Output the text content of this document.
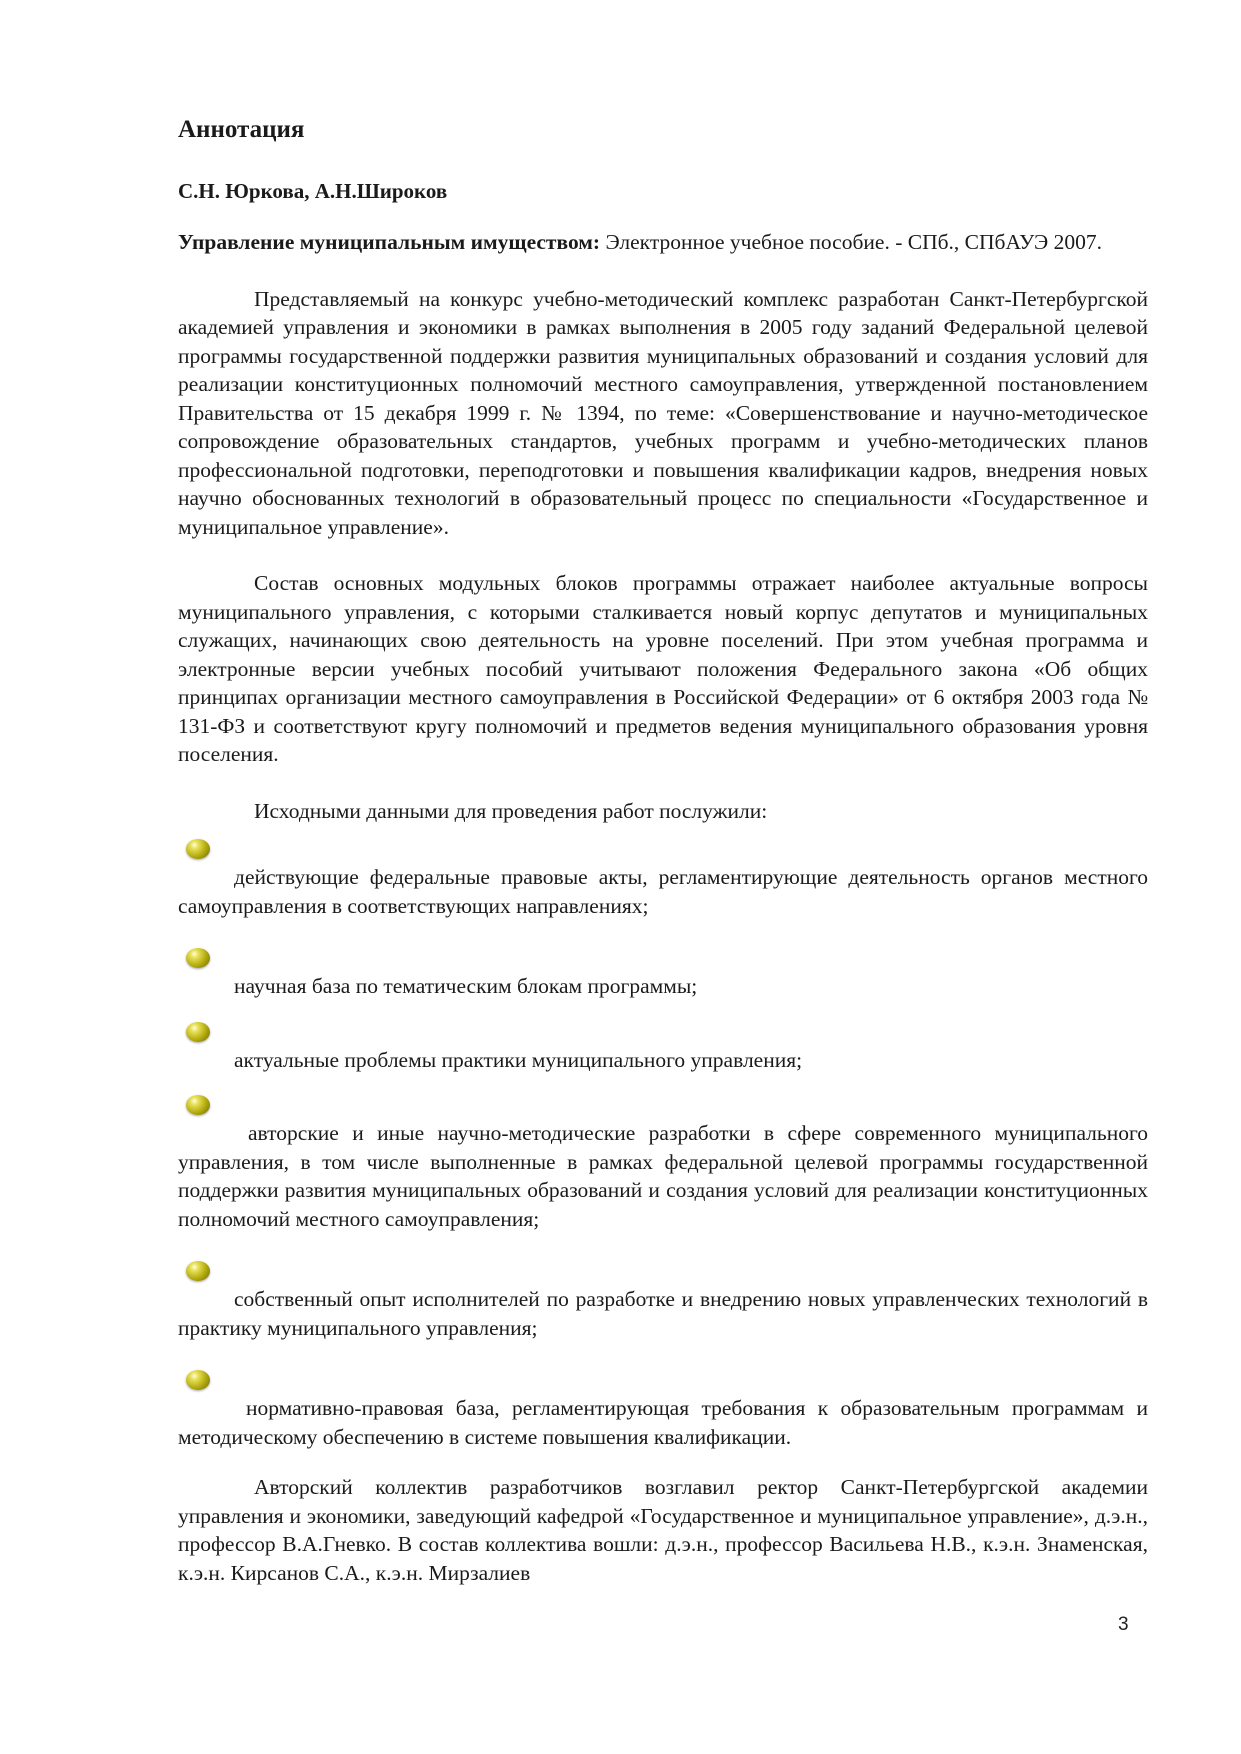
Аннотация
С.Н. Юркова, А.Н.Широков

Управление муниципальным имуществом: Электронное учебное пособие. - СПб., СПбАУЭ 2007.

Представляемый на конкурс учебно-методический комплекс разработан Санкт-Петербургской академией управления и экономики в рамках выполнения в 2005 году заданий Федеральной целевой программы государственной поддержки развития муниципальных образований и создания условий для реализации конституционных полномочий местного самоуправления, утвержденной постановлением Правительства от 15 декабря 1999 г. № 1394, по теме: «Совершенствование и научно-методическое сопровождение образовательных стандартов, учебных программ и учебно-методических планов профессиональной подготовки, переподготовки и повышения квалификации кадров, внедрения новых научно обоснованных технологий в образовательный процесс по специальности «Государственное и муниципальное управление».

Состав основных модульных блоков программы отражает наиболее актуальные вопросы муниципального управления, с которыми сталкивается новый корпус депутатов и муниципальных служащих, начинающих свою деятельность на уровне поселений. При этом учебная программа и электронные версии учебных пособий учитывают положения Федерального закона «Об общих принципах организации местного самоуправления в Российской Федерации» от 6 октября 2003 года № 131-ФЗ и соответствуют кругу полномочий и предметов ведения муниципального образования уровня поселения.

Исходными данными для проведения работ послужили:

действующие федеральные правовые акты, регламентирующие деятельность органов местного самоуправления в соответствующих направлениях;

научная база по тематическим блокам программы;

актуальные проблемы практики муниципального управления;

авторские и иные научно-методические разработки в сфере современного муниципального управления, в том числе выполненные в рамках федеральной целевой программы государственной поддержки развития муниципальных образований и создания условий для реализации конституционных полномочий местного самоуправления;

собственный опыт исполнителей по разработке и внедрению новых управленческих технологий в практику муниципального управления;

нормативно-правовая база, регламентирующая требования к образовательным программам и методическому обеспечению в системе повышения квалификации.

Авторский коллектив разработчиков возглавил ректор Санкт-Петербургской академии управления и экономики, заведующий кафедрой «Государственное и муниципальное управление», д.э.н., профессор В.А.Гневко. В состав коллектива вошли: д.э.н., профессор Васильева Н.В., к.э.н. Знаменская, к.э.н. Кирсанов С.А., к.э.н. Мирзалиев

3
